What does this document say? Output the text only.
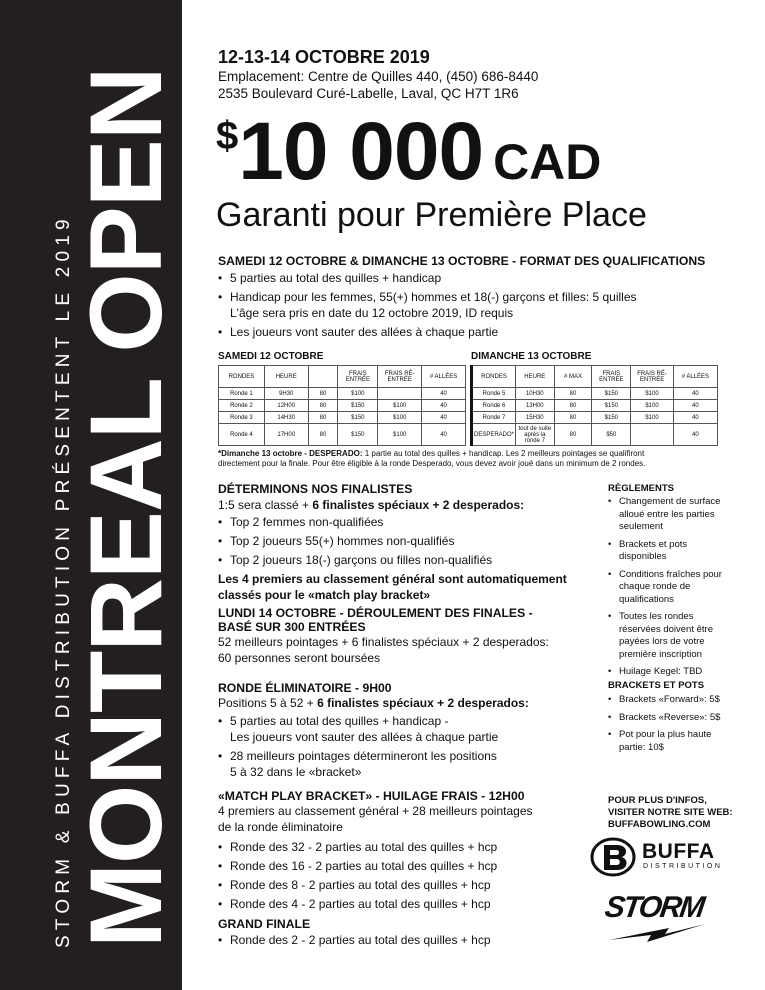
STORM & BUFFA DISTRIBUTION PRÉSENTENT LE 2019
MONTREAL OPEN
12-13-14 OCTOBRE 2019
Emplacement: Centre de Quilles 440, (450) 686-8440
2535 Boulevard Curé-Labelle, Laval, QC H7T 1R6
$10 000 CAD
Garanti pour Première Place
SAMEDI 12 OCTOBRE & DIMANCHE 13 OCTOBRE - FORMAT DES QUALIFICATIONS
• 5 parties au total des quilles + handicap
• Handicap pour les femmes, 55(+) hommes et 18(-) garçons et filles: 5 quilles
L'âge sera pris en date du 12 octobre 2019, ID requis
• Les joueurs vont sauter des allées à chaque partie
SAMEDI 12 OCTOBRE
RONDES	HEURE		FRAIS ENTRÉE	FRAIS RÉ-ENTRÉE	# ALLÉES
Ronde 1	9H30	80	$100		40
Ronde 2	12H00	80	$150	$100	40
Ronde 3	14H30	80	$150	$100	40
Ronde 4	17H00	80	$150	$100	40
DIMANCHE 13 OCTOBRE
RONDES	HEURE	# MAX	FRAIS ENTRÉE	FRAIS RÉ-ENTRÉE	# ALLÉES
Ronde 5	10H30	80	$150	$100	40
Ronde 6	13H00	80	$150	$100	40
Ronde 7	15H30	80	$150	$100	40
DESPERADO*	tout de suite après la ronde 7	80	$50		40
*Dimanche 13 octobre - DESPERADO: 1 partie au total des quilles + handicap. Les 2 meilleurs pointages se qualifiront
directement pour la finale. Pour être éligible à la ronde Desperado, vous devez avoir joué dans un minimum de 2 rondes.
DÉTERMINONS NOS FINALISTES
1:5 sera classé + 6 finalistes spéciaux + 2 desperados:
• Top 2 femmes non-qualifiées
• Top 2 joueurs 55(+) hommes non-qualifiés
• Top 2 joueurs 18(-) garçons ou filles non-qualifiés
Les 4 premiers au classement général sont automatiquement classés pour le «match play bracket»
LUNDI 14 OCTOBRE - DÉROULEMENT DES FINALES -
BASÉ SUR 300 ENTRÉES
52 meilleurs pointages + 6 finalistes spéciaux + 2 desperados:
60 personnes seront boursées
RONDE ÉLIMINATOIRE - 9H00
Positions 5 à 52 + 6 finalistes spéciaux + 2 desperados:
• 5 parties au total des quilles + handicap -
Les joueurs vont sauter des allées à chaque partie
• 28 meilleurs pointages détermineront les positions
5 à 32 dans le «bracket»
«MATCH PLAY BRACKET» - HUILAGE FRAIS - 12H00
4 premiers au classement général + 28 meilleurs pointages
de la ronde éliminatoire
• Ronde des 32 - 2 parties au total des quilles + hcp
• Ronde des 16 - 2 parties au total des quilles + hcp
• Ronde des 8 - 2 parties au total des quilles + hcp
• Ronde des 4 - 2 parties au total des quilles + hcp
GRAND FINALE
• Ronde des 2 - 2 parties au total des quilles + hcp
RÈGLEMENTS
• Changement de surface alloué entre les parties seulement
• Brackets et pots disponibles
• Conditions fraîches pour chaque ronde de qualifications
• Toutes les rondes réservées doivent être payées lors de votre première inscription
• Huilage Kegel: TBD
BRACKETS ET POTS
• Brackets «Forward»: 5$
• Brackets «Reverse»: 5$
• Pot pour la plus haute partie: 10$
POUR PLUS D'INFOS,
VISITER NOTRE SITE WEB:
BUFFABOWLING.COM
BUFFA
DISTRIBUTION
STORM
